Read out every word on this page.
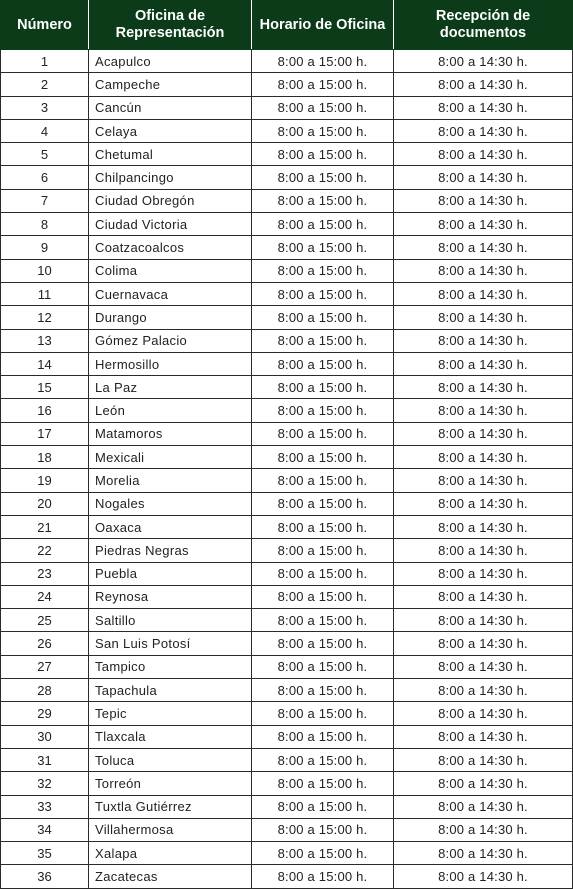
Número	Oficina de Representación	Horario de Oficina	Recepción de documentos
1	Acapulco	8:00 a 15:00 h.	8:00 a 14:30 h.
2	Campeche	8:00 a 15:00 h.	8:00 a 14:30 h.
3	Cancún	8:00 a 15:00 h.	8:00 a 14:30 h.
4	Celaya	8:00 a 15:00 h.	8:00 a 14:30 h.
5	Chetumal	8:00 a 15:00 h.	8:00 a 14:30 h.
6	Chilpancingo	8:00 a 15:00 h.	8:00 a 14:30 h.
7	Ciudad Obregón	8:00 a 15:00 h.	8:00 a 14:30 h.
8	Ciudad Victoria	8:00 a 15:00 h.	8:00 a 14:30 h.
9	Coatzacoalcos	8:00 a 15:00 h.	8:00 a 14:30 h.
10	Colima	8:00 a 15:00 h.	8:00 a 14:30 h.
11	Cuernavaca	8:00 a 15:00 h.	8:00 a 14:30 h.
12	Durango	8:00 a 15:00 h.	8:00 a 14:30 h.
13	Gómez Palacio	8:00 a 15:00 h.	8:00 a 14:30 h.
14	Hermosillo	8:00 a 15:00 h.	8:00 a 14:30 h.
15	La Paz	8:00 a 15:00 h.	8:00 a 14:30 h.
16	León	8:00 a 15:00 h.	8:00 a 14:30 h.
17	Matamoros	8:00 a 15:00 h.	8:00 a 14:30 h.
18	Mexicali	8:00 a 15:00 h.	8:00 a 14:30 h.
19	Morelia	8:00 a 15:00 h.	8:00 a 14:30 h.
20	Nogales	8:00 a 15:00 h.	8:00 a 14:30 h.
21	Oaxaca	8:00 a 15:00 h.	8:00 a 14:30 h.
22	Piedras Negras	8:00 a 15:00 h.	8:00 a 14:30 h.
23	Puebla	8:00 a 15:00 h.	8:00 a 14:30 h.
24	Reynosa	8:00 a 15:00 h.	8:00 a 14:30 h.
25	Saltillo	8:00 a 15:00 h.	8:00 a 14:30 h.
26	San Luis Potosí	8:00 a 15:00 h.	8:00 a 14:30 h.
27	Tampico	8:00 a 15:00 h.	8:00 a 14:30 h.
28	Tapachula	8:00 a 15:00 h.	8:00 a 14:30 h.
29	Tepic	8:00 a 15:00 h.	8:00 a 14:30 h.
30	Tlaxcala	8:00 a 15:00 h.	8:00 a 14:30 h.
31	Toluca	8:00 a 15:00 h.	8:00 a 14:30 h.
32	Torreón	8:00 a 15:00 h.	8:00 a 14:30 h.
33	Tuxtla Gutiérrez	8:00 a 15:00 h.	8:00 a 14:30 h.
34	Villahermosa	8:00 a 15:00 h.	8:00 a 14:30 h.
35	Xalapa	8:00 a 15:00 h.	8:00 a 14:30 h.
36	Zacatecas	8:00 a 15:00 h.	8:00 a 14:30 h.
